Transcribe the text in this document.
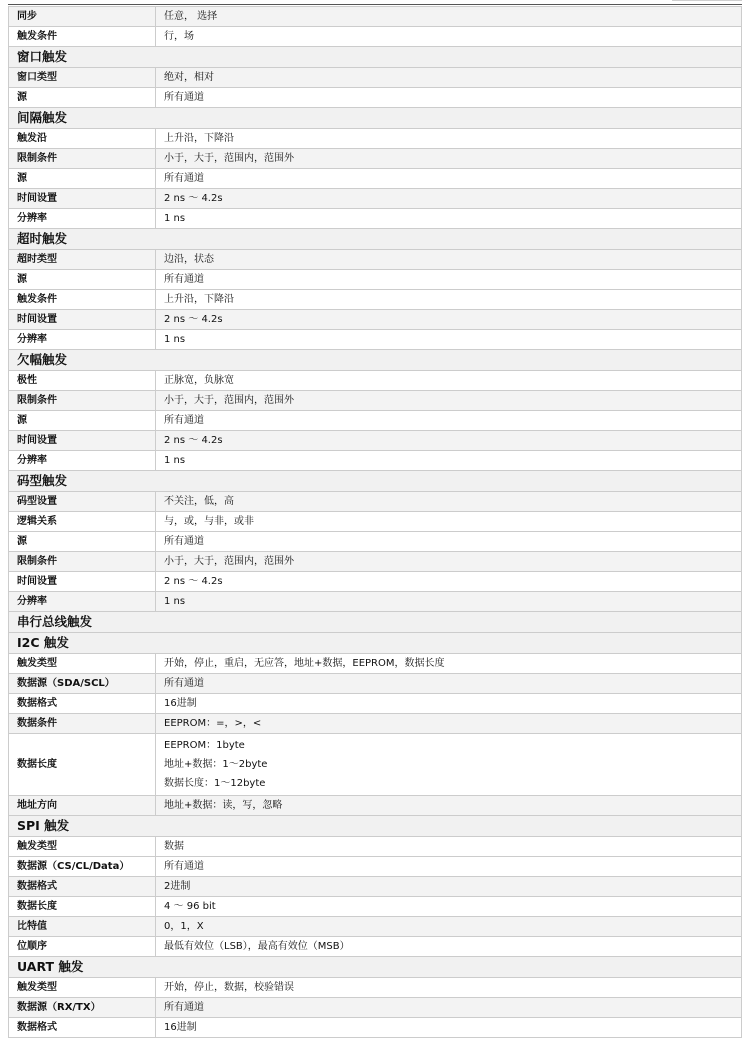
同步	任意， 选择
触发条件	行，场
窗口触发	
窗口类型	绝对，相对
源	所有通道
间隔触发	
触发沿	上升沿，下降沿
限制条件	小于，大于，范围内，范围外
源	所有通道
时间设置	2 ns ～ 4.2s
分辨率	1 ns
超时触发	
超时类型	边沿，状态
源	所有通道
触发条件	上升沿，下降沿
时间设置	2 ns ～ 4.2s
分辨率	1 ns
欠幅触发	
极性	正脉宽，负脉宽
限制条件	小于，大于，范围内，范围外
源	所有通道
时间设置	2 ns ～ 4.2s
分辨率	1 ns
码型触发	
码型设置	不关注，低，高
逻辑关系	与，或，与非，或非
源	所有通道
限制条件	小于，大于，范围内，范围外
时间设置	2 ns ～ 4.2s
分辨率	1 ns
串行总线触发	
I2C 触发	
触发类型	开始，停止，重启，无应答，地址+数据，EEPROM，数据长度
数据源（SDA/SCL）	所有通道
数据格式	16进制
数据条件	EEPROM：=，>，<
数据长度	EEPROM：1byte
地址+数据：1～2byte
数据长度：1～12byte

地址方向	地址+数据：读，写，忽略
SPI 触发	
触发类型	数据
数据源（CS/CL/Data）	所有通道
数据格式	2进制
数据长度	4 ～ 96 bit
比特值	0，1，X
位顺序	最低有效位（LSB），最高有效位（MSB）
UART 触发	
触发类型	开始，停止，数据，校验错误
数据源（RX/TX）	所有通道
数据格式	16进制
